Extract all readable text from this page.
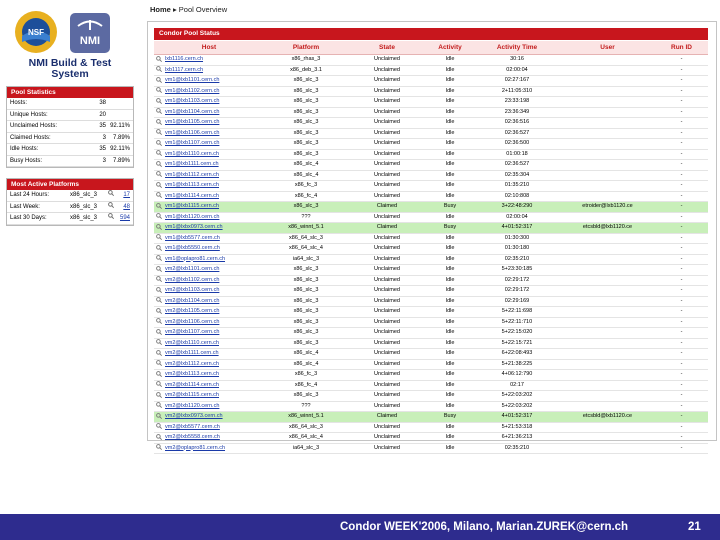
NSF
NMI
NMI Build & Test
System
Home ▸ Pool Overview
Pool Statistics
Hosts:	38
Unique Hosts:	20
Unclaimed Hosts:	35 92.11%
Claimed Hosts:	3	7.89%
Idle Hosts:	35 92.11%
Busy Hosts:	3	7.89%
Most Active Platforms
Last 24 Hours:	x86_slc_3	17
Last Week:	x86_slc_3	48
Last 30 Days:	x86_slc_3	594
Condor Pool Status
Host	Platform	State	Activity	Activity Time	User	Run ID
lxb1116.cern.ch	x86_rhas_3	Unclaimed	Idle	30:16		-
lxb1117.cern.ch	x86_deb_3.1	Unclaimed	Idle	02:00:04		-
vm1@lxb1101.cern.ch	x86_slc_3	Unclaimed	Idle	02:27:167		-
vm1@lxb1102.cern.ch	x86_slc_3	Unclaimed	Idle	2+11:05:310		-
vm1@lxb1103.cern.ch	x86_slc_3	Unclaimed	Idle	23:33:198		-
vm1@lxb1104.cern.ch	x86_slc_3	Unclaimed	Idle	23:36:349		-
vm1@lxb1105.cern.ch	x86_slc_3	Unclaimed	Idle	02:36:516		-
vm1@lxb1106.cern.ch	x86_slc_3	Unclaimed	Idle	02:36:527		-
vm1@lxb1107.cern.ch	x86_slc_3	Unclaimed	Idle	02:36:500		-
vm1@lxb1110.cern.ch	x86_slc_3	Unclaimed	Idle	01:00:18		-
vm1@lxb1111.cern.ch	x86_slc_4	Unclaimed	Idle	02:36:527		-
vm1@lxb1112.cern.ch	x86_slc_4	Unclaimed	Idle	02:35:304		-
vm1@lxb1113.cern.ch	x86_fc_3	Unclaimed	Idle	01:35:210		-
vm1@lxb1114.cern.ch	x86_fc_4	Unclaimed	Idle	02:10:808		-
vm1@lxb1115.cern.ch	x86_slc_3	Claimed	Busy	3+22:48:290	etroider@lxb1120.ce	-
vm1@lxb1120.cern.ch	???	Unclaimed	Idle	02:00:04		-
vm1@lxbx0973.cern.ch	x86_winnt_5.1	Claimed	Busy	4+01:52:317	etcsbld@lxb1120.ce	-
vm1@lxb5577.cern.ch	x86_64_slc_3	Unclaimed	Idle	01:30:300		-
vm1@lxb5550.cern.ch	x86_64_slc_4	Unclaimed	Idle	01:30:180		-
vm1@oplapro81.cern.ch	ia64_slc_3	Unclaimed	Idle	02:35:210		-
vm2@lxb1101.cern.ch	x86_slc_3	Unclaimed	Idle	5+23:30:185		-
vm2@lxb1102.cern.ch	x86_slc_3	Unclaimed	Idle	02:29:172		-
vm2@lxb1103.cern.ch	x86_slc_3	Unclaimed	Idle	02:29:172		-
vm2@lxb1104.cern.ch	x86_slc_3	Unclaimed	Idle	02:29:169		-
vm2@lxb1105.cern.ch	x86_slc_3	Unclaimed	Idle	5+22:11:698		-
vm2@lxb1106.cern.ch	x86_slc_3	Unclaimed	Idle	5+22:11:710		-
vm2@lxb1107.cern.ch	x86_slc_3	Unclaimed	Idle	5+22:15:020		-
vm2@lxb1110.cern.ch	x86_slc_3	Unclaimed	Idle	5+22:15:721		-
vm2@lxb1111.cern.ch	x86_slc_4	Unclaimed	Idle	6+22:08:493		-
vm2@lxb1112.cern.ch	x86_slc_4	Unclaimed	Idle	5+21:38:225		-
vm2@lxb1113.cern.ch	x86_fc_3	Unclaimed	Idle	4+06:12:790		-
vm2@lxb1114.cern.ch	x86_fc_4	Unclaimed	Idle	02:17		-
vm2@lxb1115.cern.ch	x86_slc_3	Unclaimed	Idle	5+22:03:202		-
vm2@lxb1120.cern.ch	???	Unclaimed	Idle	5+22:03:202		-
vm2@lxbx0973.cern.ch	x86_winnt_5.1	Claimed	Busy	4+01:52:317	etcsbld@lxb1120.ce	-
vm2@lxb5577.cern.ch	x86_64_slc_3	Unclaimed	Idle	5+21:53:318		-
vm2@lxb5558.cern.ch	x86_64_slc_4	Unclaimed	Idle	6+21:36:213		-
vm2@oplapro81.cern.ch	ia64_slc_3	Unclaimed	Idle	02:35:210		-
Condor WEEK'2006, Milano, Marian.ZUREK@cern.ch	21
